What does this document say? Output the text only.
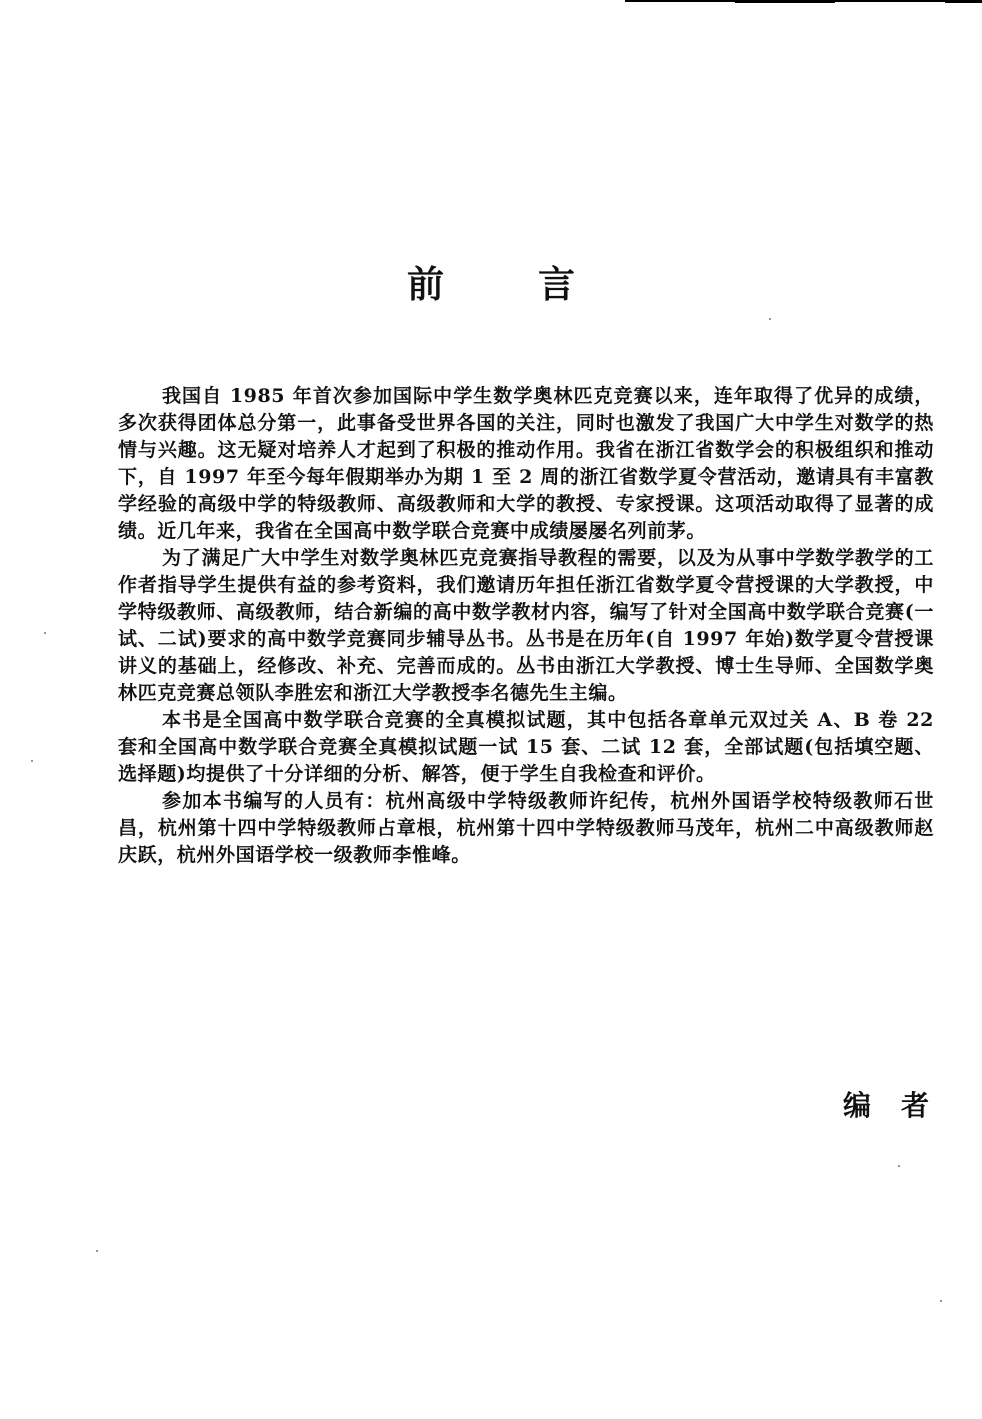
前	言

我国自 1985 年首次参加国际中学生数学奥林匹克竞赛以来，连年取得了优异的成绩，多次获得团体总分第一，此事备受世界各国的关注，同时也激发了我国广大中学生对数学的热情与兴趣。这无疑对培养人才起到了积极的推动作用。我省在浙江省数学会的积极组织和推动下，自 1997 年至今每年假期举办为期 1 至 2 周的浙江省数学夏令营活动，邀请具有丰富教学经验的高级中学的特级教师、高级教师和大学的教授、专家授课。这项活动取得了显著的成绩。近几年来，我省在全国高中数学联合竞赛中成绩屡屡名列前茅。

为了满足广大中学生对数学奥林匹克竞赛指导教程的需要，以及为从事中学数学教学的工作者指导学生提供有益的参考资料，我们邀请历年担任浙江省数学夏令营授课的大学教授，中学特级教师、高级教师，结合新编的高中数学教材内容，编写了针对全国高中数学联合竞赛(一试、二试)要求的高中数学竞赛同步辅导丛书。丛书是在历年(自 1997 年始)数学夏令营授课讲义的基础上，经修改、补充、完善而成的。丛书由浙江大学教授、博士生导师、全国数学奥林匹克竞赛总领队李胜宏和浙江大学教授李名德先生主编。

本书是全国高中数学联合竞赛的全真模拟试题，其中包括各章单元双过关 A、B 卷 22 套和全国高中数学联合竞赛全真模拟试题一试 15 套、二试 12 套，全部试题(包括填空题、选择题)均提供了十分详细的分析、解答，便于学生自我检查和评价。

参加本书编写的人员有：杭州高级中学特级教师许纪传，杭州外国语学校特级教师石世昌，杭州第十四中学特级教师占章根，杭州第十四中学特级教师马茂年，杭州二中高级教师赵庆跃，杭州外国语学校一级教师李惟峰。

编 者
